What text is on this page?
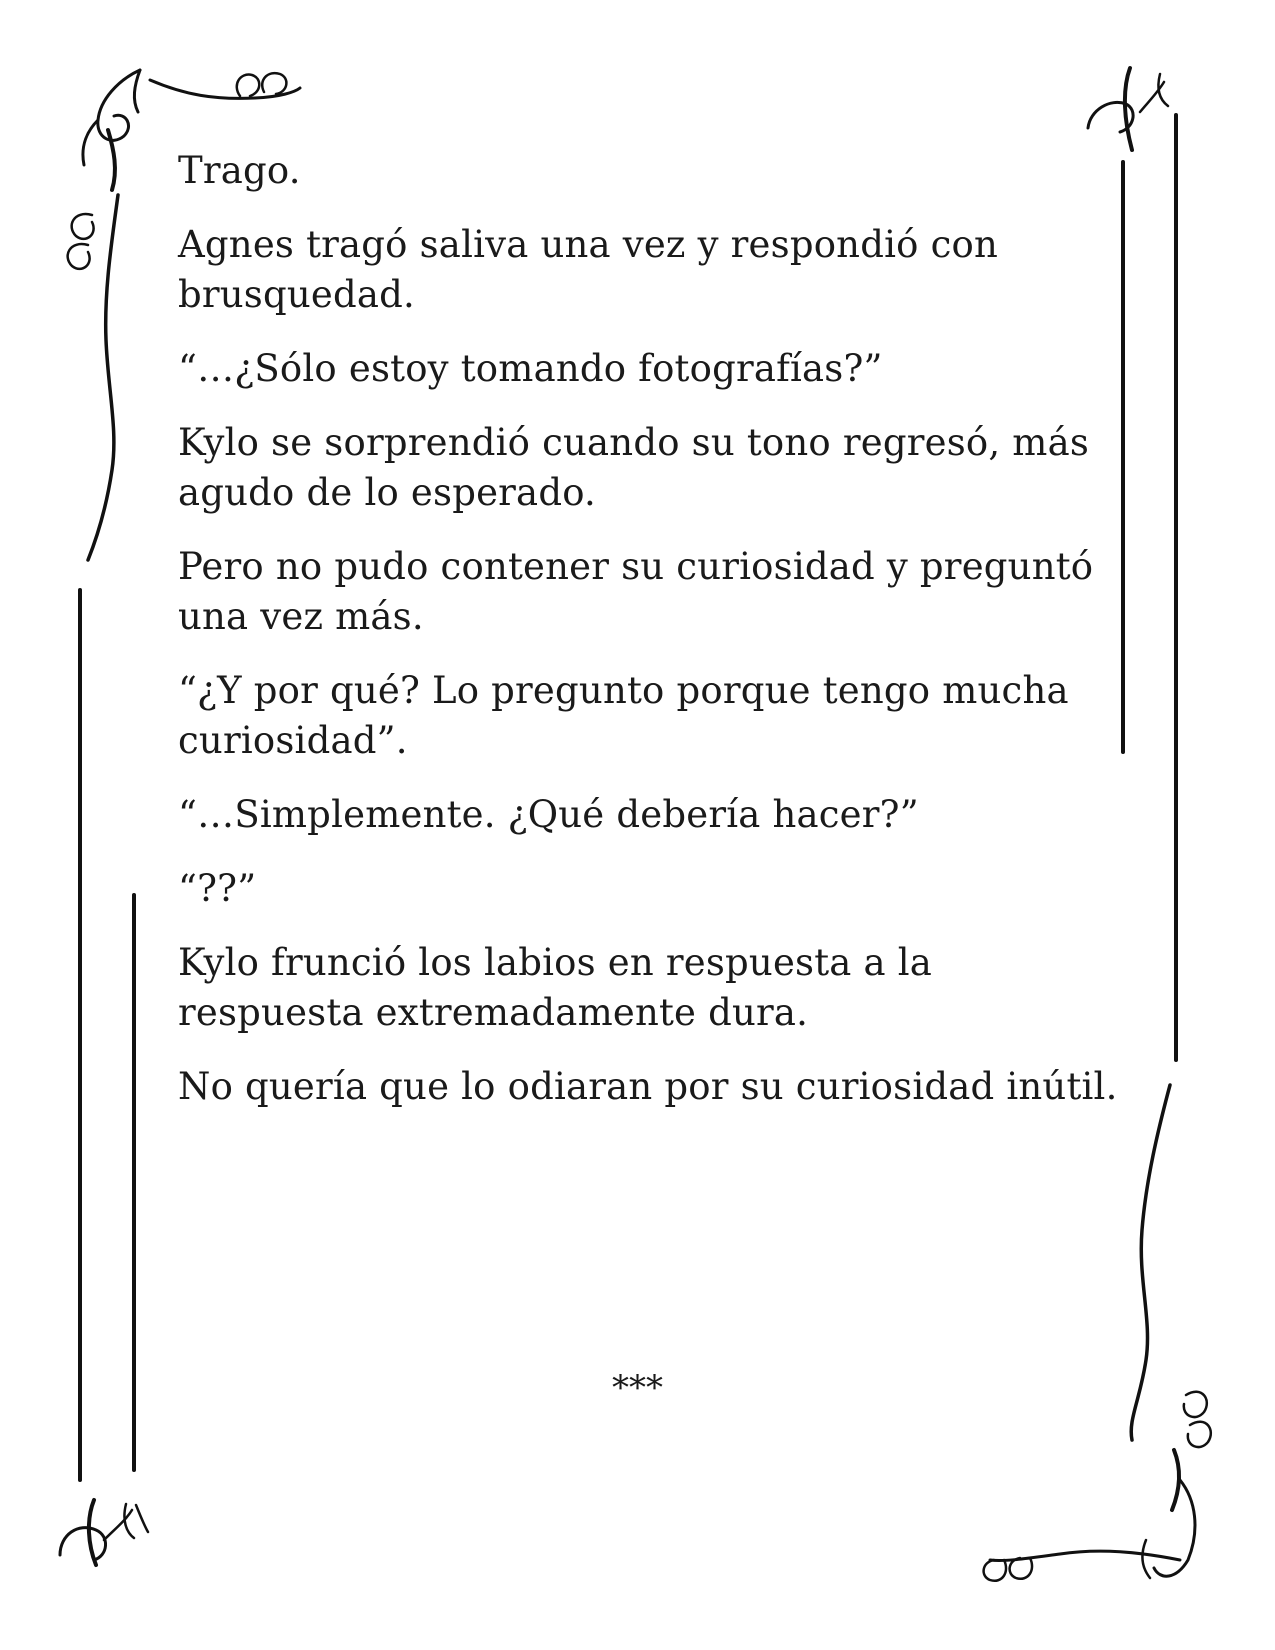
Trago.

Agnes tragó saliva una vez y respondió con brusquedad.

“…¿Sólo estoy tomando fotografías?”

Kylo se sorprendió cuando su tono regresó, más agudo de lo esperado.

Pero no pudo contener su curiosidad y preguntó una vez más.

“¿Y por qué? Lo pregunto porque tengo mucha curiosidad”.

“…Simplemente. ¿Qué debería hacer?”

“??”

Kylo frunció los labios en respuesta a la respuesta extremadamente dura.

No quería que lo odiaran por su curiosidad inútil.

***
